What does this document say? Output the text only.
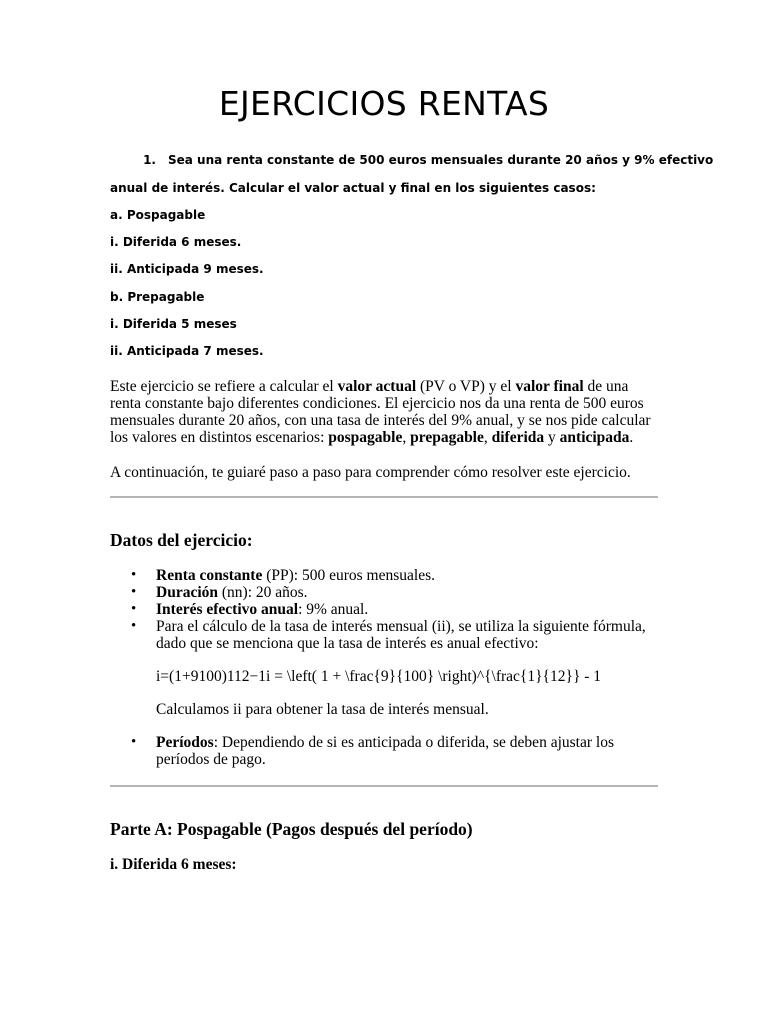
EJERCICIOS RENTAS
1. Sea una renta constante de 500 euros mensuales durante 20 años y 9% efectivo
anual de interés. Calcular el valor actual y final en los siguientes casos:
a. Pospagable
i. Diferida 6 meses.
ii. Anticipada 9 meses.
b. Prepagable
i. Diferida 5 meses
ii. Anticipada 7 meses.

Este ejercicio se refiere a calcular el valor actual (PV o VP) y el valor final de una renta constante bajo diferentes condiciones. El ejercicio nos da una renta de 500 euros mensuales durante 20 años, con una tasa de interés del 9% anual, y se nos pide calcular los valores en distintos escenarios: pospagable, prepagable, diferida y anticipada.

A continuación, te guiaré paso a paso para comprender cómo resolver este ejercicio.

Datos del ejercicio:
• Renta constante (PP): 500 euros mensuales.
• Duración (nn): 20 años.
• Interés efectivo anual: 9% anual.
• Para el cálculo de la tasa de interés mensual (ii), se utiliza la siguiente fórmula, dado que se menciona que la tasa de interés es anual efectivo:
i=(1+9100)112−1i = \left( 1 + \frac{9}{100} \right)^{\frac{1}{12}} - 1
Calculamos ii para obtener la tasa de interés mensual.
• Períodos: Dependiendo de si es anticipada o diferida, se deben ajustar los períodos de pago.
Parte A: Pospagable (Pagos después del período)
i. Diferida 6 meses:
